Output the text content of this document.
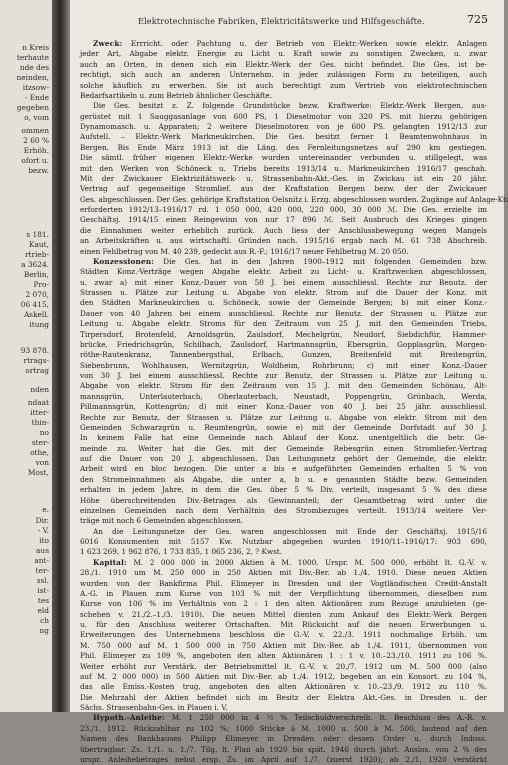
n Kreis
terhaute
nde des
neinden,
itzsow-
- Ende
gegeben
o, vom
ommen
2 60 %
Erhöh.
ofort u.
bezw.
s 181.
Kaut,
rtrieb-
a 3624.
Berlin,
Pro-
2 070,
06 415,
Askell.
itung
93 878.
rtrags-
ortrag
nden
ndaat
itter-
thin-
no
ster-
othe,
von
Most,
e.
Dir.
- V.
ito
aus
ant-
ter-
ssl.
ist-
tes
eld
ch
ng
Elektrotechnische Fabriken, Elektricitätswerke und Hilfsgeschäfte.	725
Zweck: Errricht. oder Pachtung u. der Betrieb von Elektr.-Werken sowie elektr. Anlagen
jeder Art, Abgabe elektr. Energie zu Licht u. Kraft sowie zu sonstigen Zwecken, u. zwar
auch an Orten, in denen sich ein Elektr.-Werk der Ges. nicht befindet. Die Ges. ist be-
rechtigt, sich auch an anderen Unternehm. in jeder zulässigen Form zu beteiligen, auch
solche käuflich zu erwerben. Sie ist auch berechtigt zum Vertrieb von elektrotechnischen
Bedarfsartikeln u. zum Betrieb ähnlicher Geschäfte.
Die Ges. besitzt z. Z. folgende Grundstücke bezw. Kraftwerke: Elektr.-Werk Bergen, aus-
gerüstet mit 1 Sauggasanlage von 600 PS, 1 Dieselmotor von 320 PS. mit hierzu gehörigen
Dynamomasch. u. Apparaten; 2 weitere Dieselmotoren von je 600 PS. gelangten 1912/13 zur
Aufstell. – Elektr.-Werk Markneukirchen. Die Ges. besitzt ferner 1 Beamtenwohnhaus in
Bergen. Bis Ende März 1913 ist die Läng. des Fernleitungsnetzes auf 290 km gestiegen.
Die sämtl. früher eigenen Elektr.-Werke wurden untereinander verbunden u. stillgelegt, was
mit den Werken von Schöneck u. Triebs bereits 1913/14 u. Markneukirchen 1916/17 geschah.
Mit der Zwickauer Elektrizitätswerk- u. Strassenbahn-Akt.-Ges. in Zwickau ist ein 20 jähr.
Vertrag auf gegenseitige Stromlief. aus der Kraftstation Bergen bezw. der der Zwickauer
Ges. abgeschlossen. Der Ges. gehörige Kraftstation Oelsnitz i. Erzg. abgeschlossen worden. Zugänge auf Anlage-Kti
erforderten 1912/13–1916/17 rd. 1 050 000, 420 000, 220 000, 30 000 ℳ. Die Ges. erzielte im
Geschäftsj. 1914/15 einen Reingewinn von nur 17 896 ℳ. Seit Ausbruch des Krieges gingen
die Einnahmen weiter erheblich zurück. Auch liess der Anschlussbewegung wegen Mangels
an Arbeitskräften u. aus wirtschaftl. Gründen nach. 1915/16 ergab nach M. 61 738 Abschreib.
einen Fehlbetrag von M. 40 239, gedeckt aus R.-F.; 1916/17 neuer Fehlbetrag M. 20 050.
Konzessionen: Die Ges. hat in den Jahren 1900–1912 mit folgenden Gemeinden bzw.
Städten Konz.-Verträge wegen Abgabe elektr. Arbeit zu Licht- u. Kraftzwecken abgeschlossen,
u. zwar a) mit einer Konz.-Dauer von 50 J. bei einem ausschliessl. Rechte zur Benutz. der
Strassen u. Plätze zur Leitung u. Abgabe von elektr. Strom auf die Dauer der Konz. mit
den Städten Markneukirchen u. Schöneck, sowie der Gemeinde Bergen; b) mit einer Konz.-
Dauer von 40 Jahren bei einem ausschliessl. Rechte zur Benutz. der Strassen u. Plätze zur
Leitung u. Abgabe elektr. Stroms für den Zeitraum von 25 J. mit den Gemeinden Triebs,
Tirpersdorf, Brotenfeld, Arnoldsgrün, Zaulsdorf, Mechelgrün, Neudorf, Siebdichfür, Hammer-
brücke, Friedrichsgrün, Schilbach, Zaulsdorf, Hartmannsgrün, Ebersgrün, Gopplasgrün, Morgen-
röthe-Rautenkranz, Tannenbergsthal, Erlbach, Gunzen, Breitenfeld mit Breitengrün,
Siebenbrunn, Wohlhausen, Wernitzgrün, Woldheim, Rohrbrunn; c) mit einer Konz.-Dauer
von 30 J. bei einem ausschliessl. Rechte zur Benutz. der Strassen u. Plätze zur Leitung u.
Abgabe von elektr. Strom für den Zeitraum von 15 J. mit den Gemeinden Schönau, Alt-
mannsgrün, Unterlauterbach, Oberlauterbach, Neustadt, Poppengrün, Grünbach, Werda,
Pillmannsgrün, Kottengrün; d) mit einer Konz.-Dauer von 40 J. bei 25 jähr. ausschliessl.
Rechte zur Benutz. der Strassen u. Plätze zur Leitung u. Abgabe von elektr. Strom mit den
Gemeinden Schwarzgrün u. Reumtengrün, sowie e) mit der Gemeinde Dorfstadt auf 30 J.
In keinem Falle hat eine Gemeinde nach Ablauf der Konz. unentgeltlich die betr. Ge-
meinde zu. Weiter hat die Ges. mit der Gemeinde Rebesgrün einen Stromliefer.-Vertrag
auf die Dauer von 20 J. abgeschlossen. Das Leitungsnetz gehört der Gemeinde, die elektr.
Arbeit wird en bloc bezogen. Die unter a bis e aufgeführten Gemeinden erhalten 5 % von
den Stromeinnahmen als Abgabe, die unter a, b u. e genannten Städte bezw. Gemeinden
erhalten in jedem Jahre, in dem die Ges. über 5 % Div. verteilt, insgesamt 5 % des diese
Höhe überschreitenden Div.-Betrages als Gewinnanteil; der Gesamtbetrag wird unter die
einzelnen Gemeinden nach dem Verhältnis des Strombezuges verteilt. 1913/14 weitere Ver-
träge mit noch 6 Gemeinden abgeschlossen.
An die Leitungsnetze der Ges. waren angeschlossen mit Ende der Geschäftsj. 1915/16
6016 Konsumenten mit 5157 Kw. Nutzbar abgegeben wurden 1910/11–1916/17: 903 690,
1 623 269, 1 962 876, 1 733 835, 1 065 236, 2, ? Kwst.
Kapital: M. 2 000 000 in 2000 Aktien à M. 1000. Urspr. M. 500 000, erhöht lt. G.-V. v.
28./1. 1910 um M. 250 000 in 250 Aktien mit Div.-Ber. ab 1./4. 1910. Diese neuen Aktien
wurden von der Bankfirma Phil. Elimeyer in Dresden und der Vogtländischen Credit-Anstalt
A.-G. in Plauen zum Kurse von 103 % mit der Verpflichtung übernommen, dieselben zum
Kurse von 106 % im Verhältnis von 2 : 1 den alten Aktionären zum Bezuge anzubieten (ge-
schehen v. 21./2.–1./3. 1910). Die neuen Mittel dienten zum Ankauf des Elektr.-Werk Bergen
u. für den Anschluss weiterer Ortschaften. Mit Rücksicht auf die neuen Erwerbungen u.
Erweiterungen des Unternehmens beschloss die G.-V. v. 22./3. 1911 nochmalige Erhöh. um
M. 750 000 auf M. 1 500 000 in 750 Aktien mit Div.-Ber. ab 1./4. 1911, übernommen von
Phil. Elimeyer zu 109 %, angeboten den alten Aktionären 1 : 1 v. 10.–23./10. 1911 zu 106 %.
Weiter erhöht zur Verstärk. der Betriebsmittel lt. G.-V. v. 20./7. 1912 um M. 500 000 (also
auf M. 2 000 000) in 500 Aktien mit Div.-Ber. ab 1./4. 1912, begeben an ein Konsort. zu 104 %,
das alle Emiss.-Kosten trug, angeboten den alten Aktionären v. 10.–23./9. 1912 zu 110 %.
Die Mehrzahl der Aktien befindet sich im Besitz der Elektra Akt.-Ges. in Dresden u. der
Sächs. Strassenbahn-Ges. in Plauen i. V.
Hypoth.-Anleihe: M. 1 250 000 in 4 ½ % Teilschuldverschreib. lt. Beschluss des A.-R. v.
23./1. 1912. Rückzahlbar zu 102 %; 1000 Stücke à M. 1000 u. 500 à M. 500, lautend auf den
Namen des Bankhauses Philipp Elimeyer in Dresden oder dessen Order u. durch Indoss.
übertragbar. Zs. 1./1. u. 1./7. Tilg. lt. Plan ab 1920 bis spät. 1946 durch jährl. Auslos. von 2 % des
urspr. Anleihebetrages nebst ersp. Zs. im April auf 1./7. (zuerst 1920); ab 2./1. 1920 verstärkt
